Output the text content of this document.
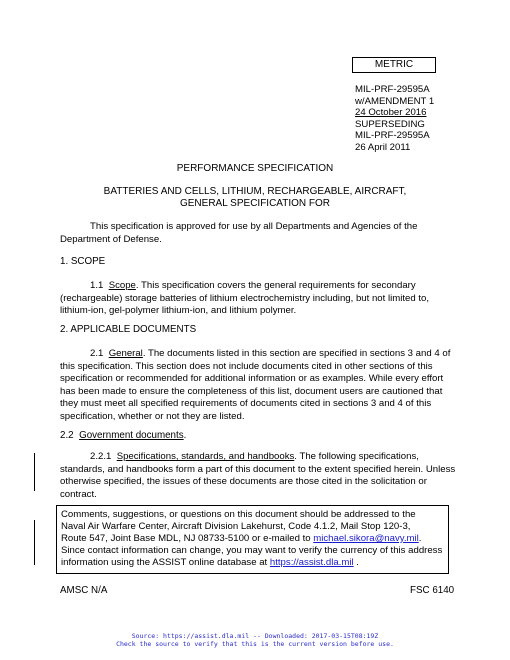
METRIC
MIL-PRF-29595A
w/AMENDMENT 1
24 October 2016
SUPERSEDING
MIL-PRF-29595A
26 April 2011
PERFORMANCE SPECIFICATION
BATTERIES AND CELLS, LITHIUM, RECHARGEABLE, AIRCRAFT,
GENERAL SPECIFICATION FOR
This specification is approved for use by all Departments and Agencies of the Department of Defense.
1. SCOPE
1.1 Scope. This specification covers the general requirements for secondary (rechargeable) storage batteries of lithium electrochemistry including, but not limited to, lithium-ion, gel-polymer lithium-ion, and lithium polymer.
2. APPLICABLE DOCUMENTS
2.1 General. The documents listed in this section are specified in sections 3 and 4 of this specification. This section does not include documents cited in other sections of this specification or recommended for additional information or as examples. While every effort has been made to ensure the completeness of this list, document users are cautioned that they must meet all specified requirements of documents cited in sections 3 and 4 of this specification, whether or not they are listed.
2.2 Government documents.
2.2.1 Specifications, standards, and handbooks. The following specifications, standards, and handbooks form a part of this document to the extent specified herein. Unless otherwise specified, the issues of these documents are those cited in the solicitation or contract.
Comments, suggestions, or questions on this document should be addressed to the
Naval Air Warfare Center, Aircraft Division Lakehurst, Code 4.1.2, Mail Stop 120-3,
Route 547, Joint Base MDL, NJ 08733-5100 or e-mailed to michael.sikora@navy.mil.
Since contact information can change, you may want to verify the currency of this address
information using the ASSIST online database at https://assist.dla.mil .
AMSC N/A	FSC 6140
Source: https://assist.dla.mil -- Downloaded: 2017-03-15T08:19Z
Check the source to verify that this is the current version before use.
